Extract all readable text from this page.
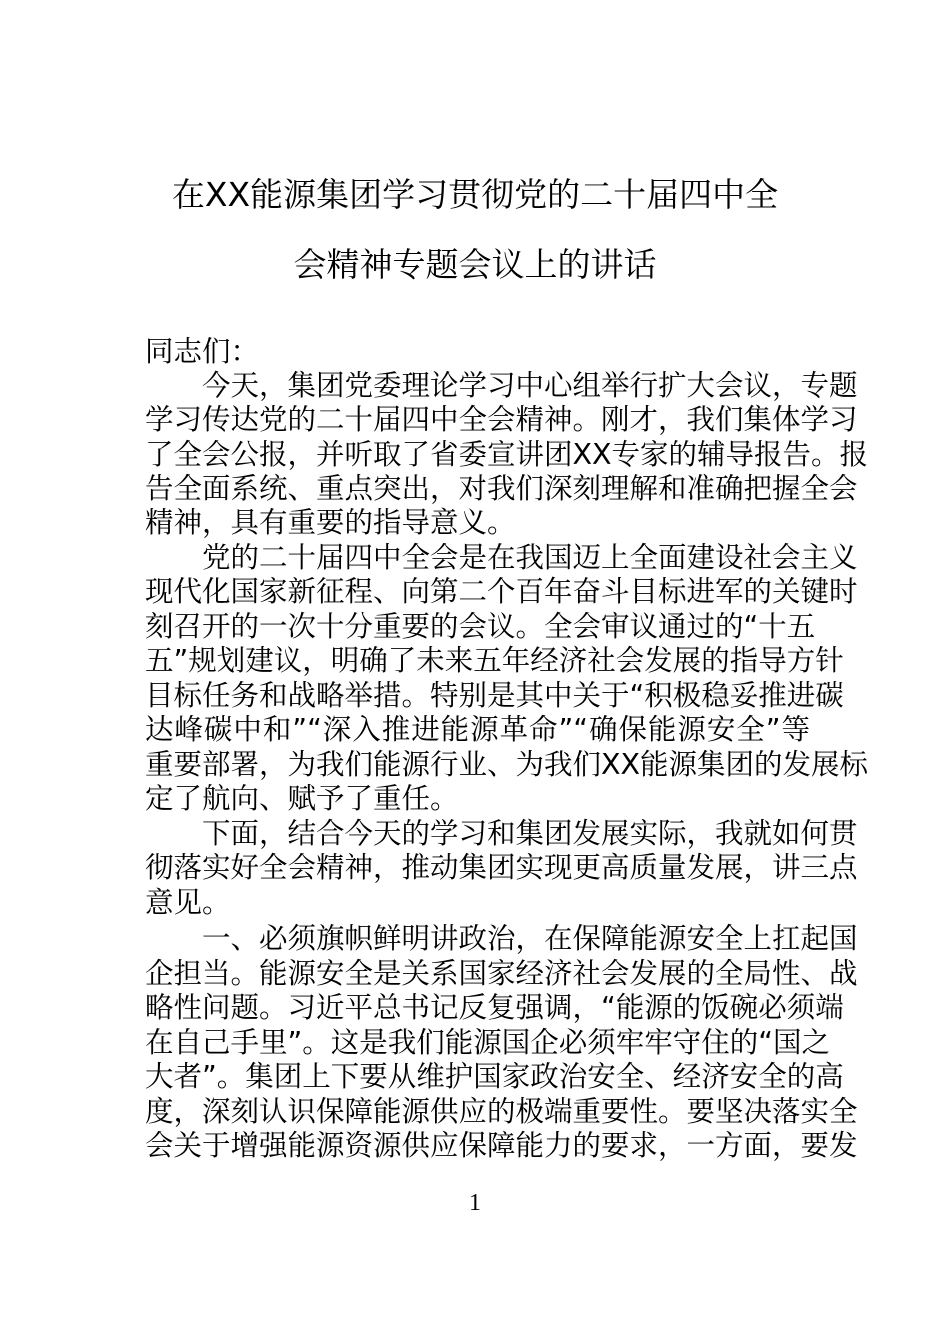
在XX能源集团学习贯彻党的二十届四中全
会精神专题会议上的讲话
同志们：
　　今天，集团党委理论学习中心组举行扩大会议，专题
学习传达党的二十届四中全会精神。刚才，我们集体学习
了全会公报，并听取了省委宣讲团XX专家的辅导报告。报
告全面系统、重点突出，对我们深刻理解和准确把握全会
精神，具有重要的指导意义。
　　党的二十届四中全会是在我国迈上全面建设社会主义
现代化国家新征程、向第二个百年奋斗目标进军的关键时
刻召开的一次十分重要的会议。全会审议通过的“十五
五”规划建议，明确了未来五年经济社会发展的指导方针
目标任务和战略举措。特别是其中关于“积极稳妥推进碳
达峰碳中和”“深入推进能源革命”“确保能源安全”等
重要部署，为我们能源行业、为我们XX能源集团的发展标
定了航向、赋予了重任。
　　下面，结合今天的学习和集团发展实际，我就如何贯
彻落实好全会精神，推动集团实现更高质量发展，讲三点
意见。
　　一、必须旗帜鲜明讲政治，在保障能源安全上扛起国
企担当。能源安全是关系国家经济社会发展的全局性、战
略性问题。习近平总书记反复强调，“能源的饭碗必须端
在自己手里”。这是我们能源国企必须牢牢守住的“国之
大者”。集团上下要从维护国家政治安全、经济安全的高
度，深刻认识保障能源供应的极端重要性。要坚决落实全
会关于增强能源资源供应保障能力的要求，一方面，要发
1
